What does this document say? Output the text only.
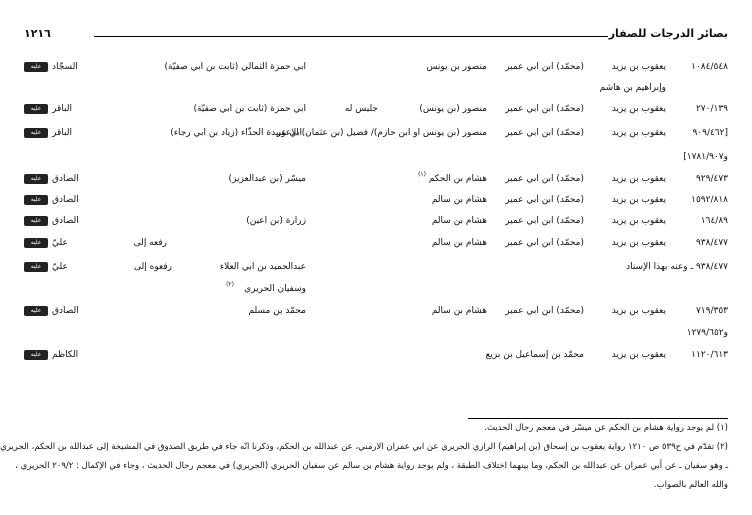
بصائر الدرجات للصفار
١٢١٦
١٠٨٤/٥٤٨
يعقوب بن يزيد
(محمّد) ابن ابي عمير
منصور بن يونس
ابي حمزة الثمالي (ثابت بن ابي صفيّة)
السجّاد
عليه السلام
وإبراهيم بن هاشم
٢٧٠/١٣٩
يعقوب بن يزيد
(محمّد) ابن ابي عمير
منصور (بن يونس)
جليس له
ابي حمزة (ثابت بن ابي صفيّة)
الباقر
عليه السلام
[٩٠٩/٤٦٢
يعقوب بن يزيد
(محمّد) ابن ابي عمير
منصور (بن يونس او ابن حازم)/ فضيل (بن عثمان) الاعور
ابي عبيدة الحذّاء (زياد بن ابي رجاء)
الباقر
عليه السلام
و١٧٨١/٩٠٧]
٩٢٩/٤٧٣
يعقوب بن يزيد
(محمّد) ابن ابي عمير
هشام بن الحكم
(١)
ميسّر (بن عبدالعزيز)
الصادق
عليه السلام
١٥٩٢/٨١٨
يعقوب بن يزيد
(محمّد) ابن ابي عمير
هشام بن سالم
الصادق
عليه السلام
١٦٤/٨٩
يعقوب بن يزيد
(محمّد) ابن ابي عمير
هشام بن سالم
زرارة (بن اعين)
الصادق
عليه السلام
٩٣٨/٤٧٧
يعقوب بن يزيد
(محمّد) ابن ابي عمير
هشام بن سالم
رفعه إلى
عليّ
عليه السلام
٩٣٨/٤٧٧ ـ وعنه بهذا الإسناد
عبدالحميد بن ابي العلاء
رفعوه إلى
عليّ
عليه السلام
وسفيان الحريري
(٢)
٧١٩/٣٥٣
يعقوب بن يزيد
(محمّد) ابن ابي عمير
هشام بن سالم
محمّد بن مسلم
الصادق
عليه السلام
و١٢٧٩/٦٥٢
١١٢٠/٦١٣
يعقوب بن يزيد
محمّد بن إسماعيل بن بزيع
الكاظم
عليه السلام
(١) لم يوجد رواية هشام بن الحكم عن ميسّر في معجم رجال الحديث.
(٢) تقدّم في ح٥٣٩ ص ١٢١٠ رواية يعقوب بن إسحاق (بن إبراهيم) الرازي الجريري عن ابي عمران الارمني، عن عبدالله بن الحكم، وذكرنا انّه جاء في طريق الصدوق في المشيخة إلى عبدالله بن الحكم، الجريري
ـ وهو سفيان ـ عن أبي عمران عن عبدالله بن الحكم، وما بينهما اختلاف الطبقة ، ولم يوجد رواية هشام بن سالم عن سفيان الحريري (الجريري) في معجم رجال الحديث ، وجاء في الإكمال : ٢٠٩/٢ الحريري ،
والله العالم بالصواب.
